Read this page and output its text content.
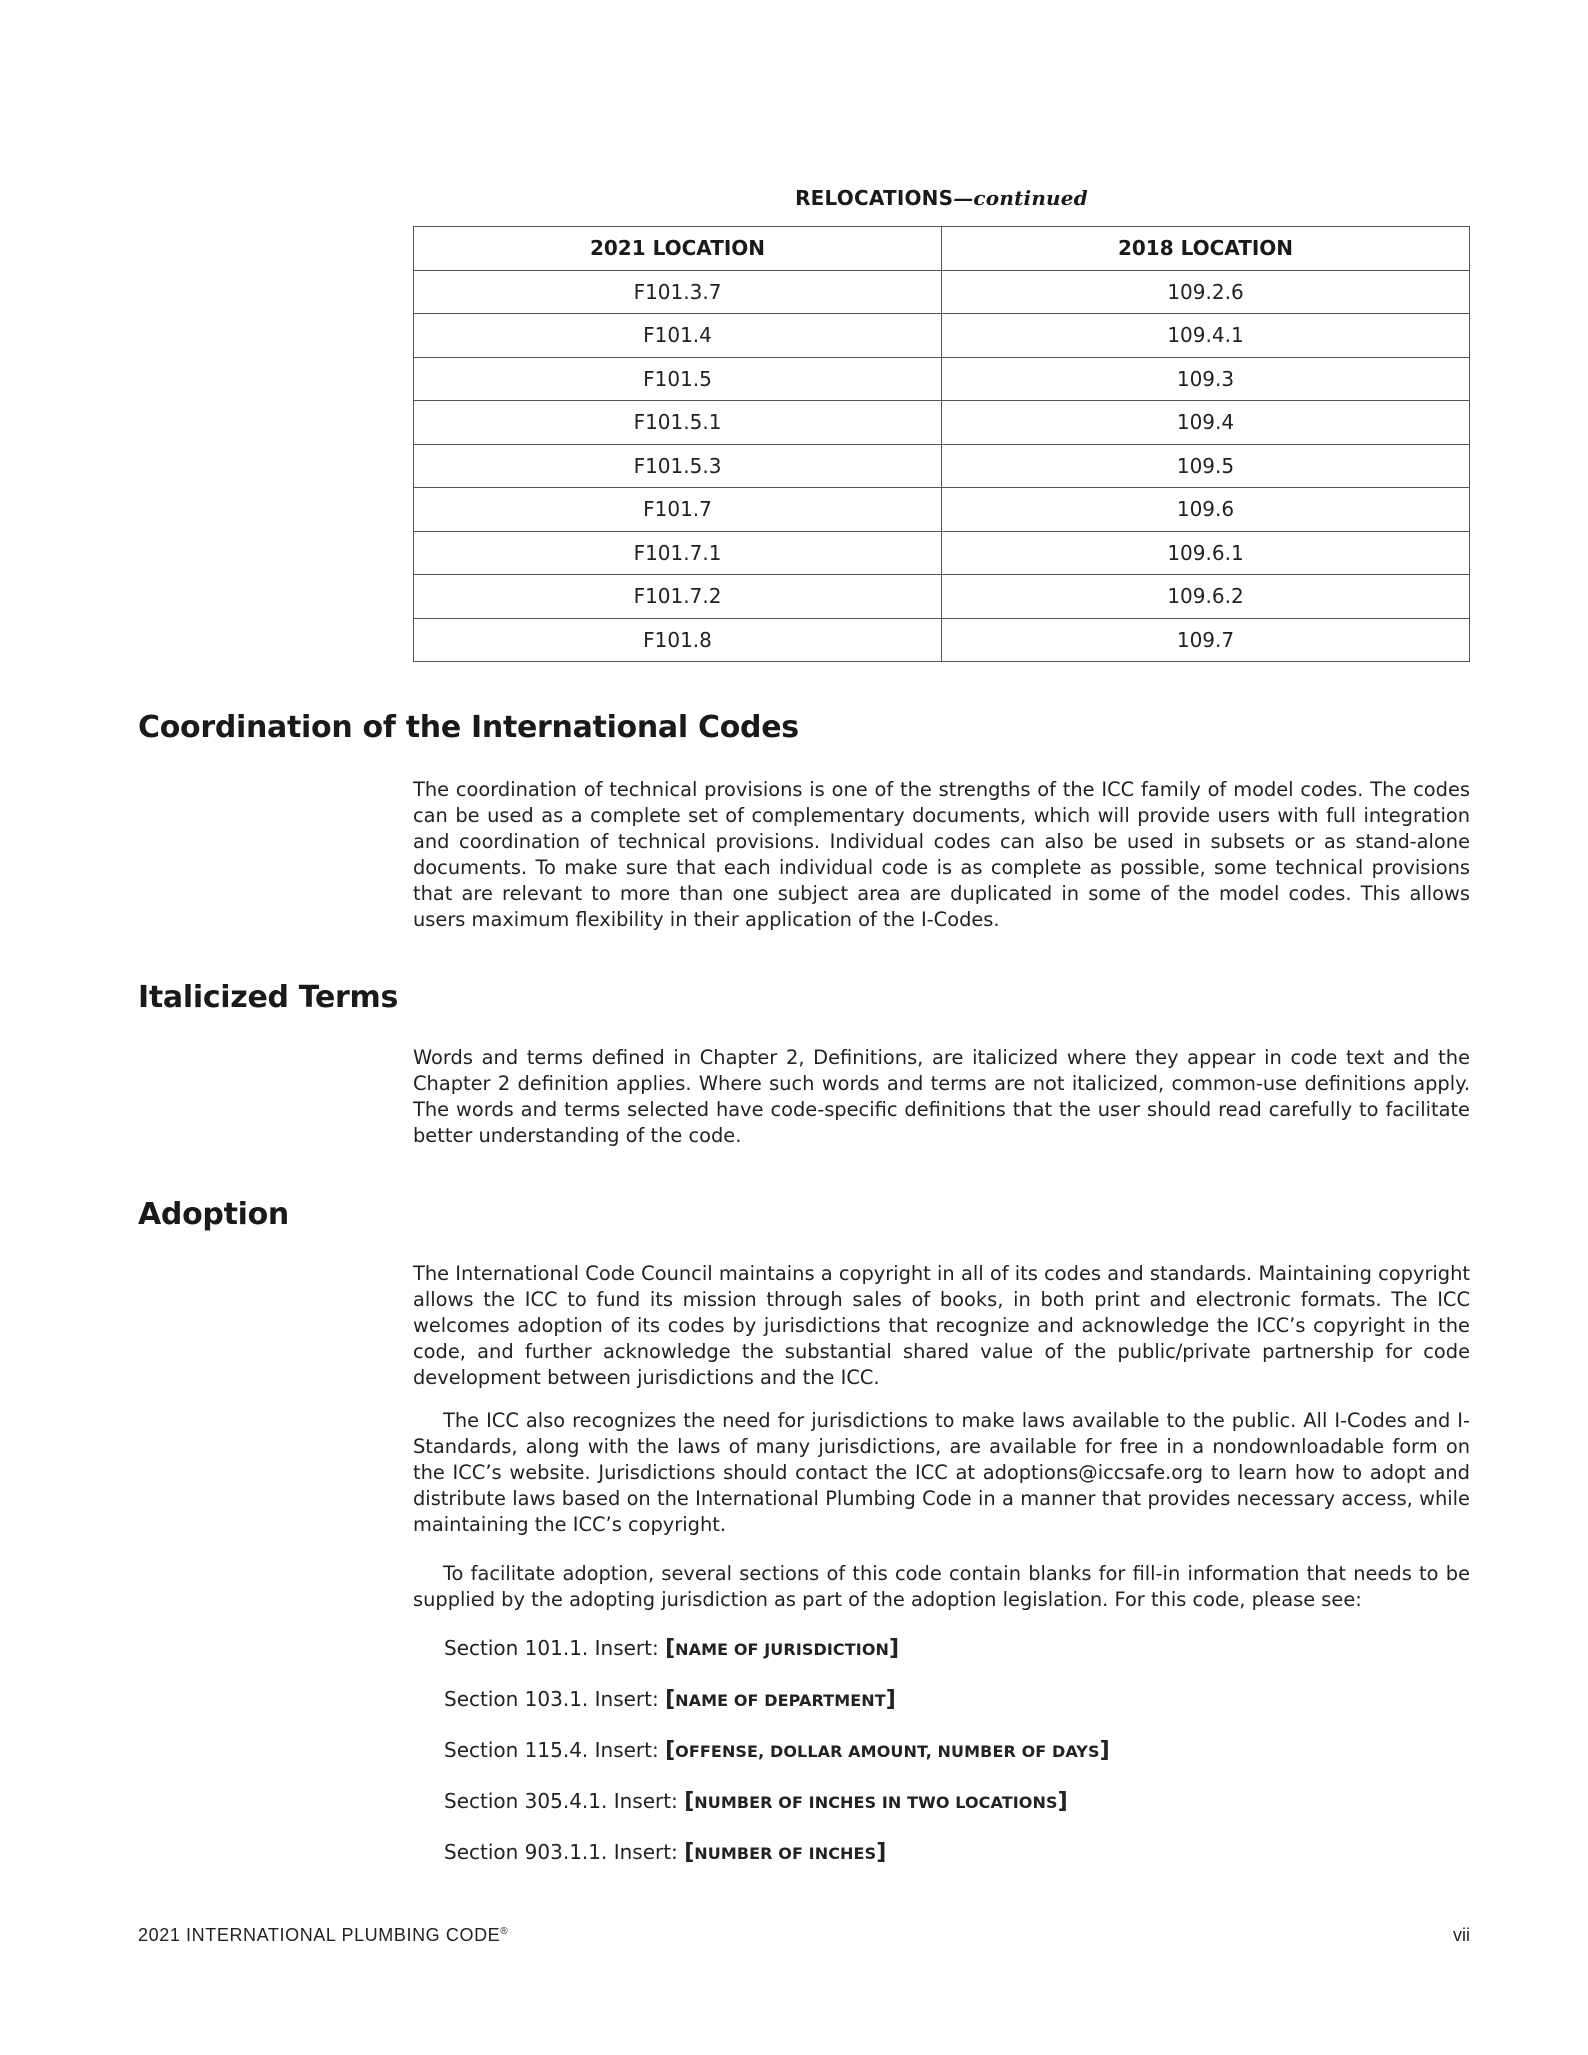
RELOCATIONS—continued
2021 LOCATION	2018 LOCATION
F101.3.7	109.2.6
F101.4	109.4.1
F101.5	109.3
F101.5.1	109.4
F101.5.3	109.5
F101.7	109.6
F101.7.1	109.6.1
F101.7.2	109.6.2
F101.8	109.7
Coordination of the International Codes

The coordination of technical provisions is one of the strengths of the ICC family of model codes. The codes can be used as a complete set of complementary documents, which will provide users with full integration and coordination of technical provisions. Individual codes can also be used in subsets or as stand-alone documents. To make sure that each individual code is as complete as possible, some technical provisions that are relevant to more than one subject area are duplicated in some of the model codes. This allows users maximum flexibility in their application of the I-Codes.

Italicized Terms

Words and terms defined in Chapter 2, Definitions, are italicized where they appear in code text and the Chapter 2 definition applies. Where such words and terms are not italicized, common-use definitions apply. The words and terms selected have code-specific definitions that the user should read carefully to facilitate better understanding of the code.

Adoption

The International Code Council maintains a copyright in all of its codes and standards. Maintaining copyright allows the ICC to fund its mission through sales of books, in both print and electronic formats. The ICC welcomes adoption of its codes by jurisdictions that recognize and acknowledge the ICC’s copyright in the code, and further acknowledge the substantial shared value of the public/private partnership for code development between jurisdictions and the ICC.

The ICC also recognizes the need for jurisdictions to make laws available to the public. All I-Codes and I-Standards, along with the laws of many jurisdictions, are available for free in a nondownloadable form on the ICC’s website. Jurisdictions should contact the ICC at adoptions@iccsafe.org to learn how to adopt and distribute laws based on the International Plumbing Code in a manner that provides necessary access, while maintaining the ICC’s copyright.

To facilitate adoption, several sections of this code contain blanks for fill-in information that needs to be supplied by the adopting jurisdiction as part of the adoption legislation. For this code, please see:

Section 101.1. Insert: [NAME OF JURISDICTION]
Section 103.1. Insert: [NAME OF DEPARTMENT]
Section 115.4. Insert: [OFFENSE, DOLLAR AMOUNT, NUMBER OF DAYS]
Section 305.4.1. Insert: [NUMBER OF INCHES IN TWO LOCATIONS]
Section 903.1.1. Insert: [NUMBER OF INCHES]
2021 INTERNATIONAL PLUMBING CODE®	vii
